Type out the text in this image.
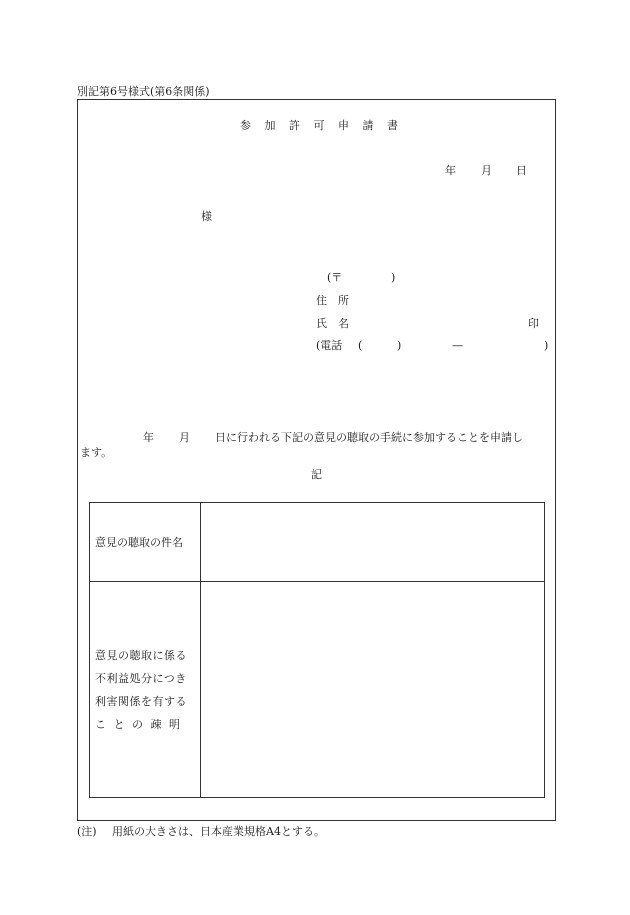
別記第6号様式(第6条関係)
参 加 許 可 申 請 書
年 月 日
様
(〒	)
住　所
氏　名	印
(電話 (	)	—	)
年 月 日に行われる下記の意見の聴取の手続に参加することを申請し
ます。
記
意見の聴取の件名
意見の聴取に係る
不利益処分につき
利害関係を有する
こ と の 疎 明
(注) 用紙の大きさは、日本産業規格A4とする。
